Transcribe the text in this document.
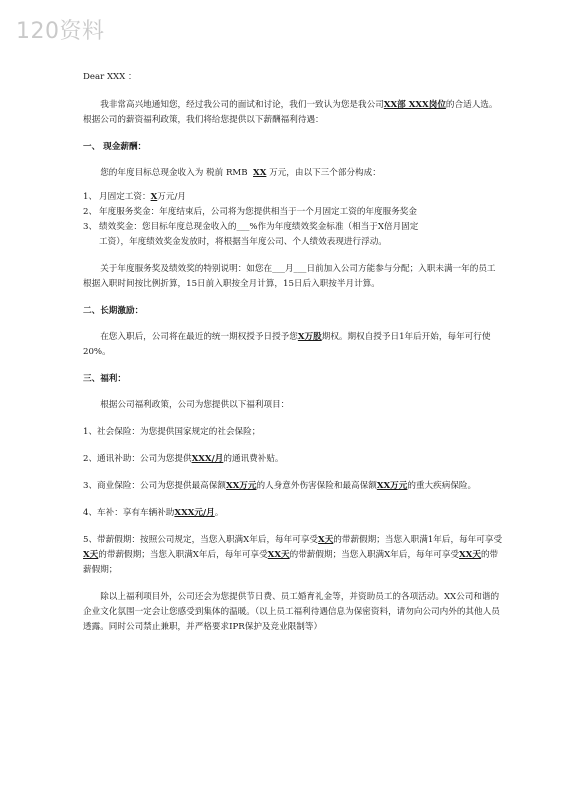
120资料

Dear XXX ：

我非常高兴地通知您，经过我公司的面试和讨论，我们一致认为您是我公司XX部 XXX岗位的合适人选。根据公司的薪资福利政策，我们将给您提供以下薪酬福利待遇：

一、 现金薪酬：

您的年度目标总现金收入为 税前 RMB XX 万元，由以下三个部分构成：

1、 月固定工资：X万元/月
2、 年度服务奖金：年度结束后，公司将为您提供相当于一个月固定工资的年度服务奖金
3、 绩效奖金：您目标年度总现金收入的___%作为年度绩效奖金标准（相当于X倍月固定

工资），年度绩效奖金发放时，将根据当年度公司、个人绩效表现进行浮动。

关于年度服务奖及绩效奖的特别说明：如您在___月___日前加入公司方能参与分配；入职未满一年的员工根据入职时间按比例折算，15日前入职按全月计算，15日后入职按半月计算。

二、长期激励：

在您入职后，公司将在最近的统一期权授予日授予您X万股期权。期权自授予日1年后开始，每年可行使20%。

三、福利：

根据公司福利政策，公司为您提供以下福利项目：

1、社会保险：为您提供国家规定的社会保险；

2、通讯补助：公司为您提供XXX/月的通讯费补贴。

3、商业保险：公司为您提供最高保额XX万元的人身意外伤害保险和最高保额XX万元的重大疾病保险。

4、车补：享有车辆补助XXX元/月。

5、带薪假期：按照公司规定，当您入职满X年后，每年可享受X天的带薪假期；当您入职满1年后，每年可享受X天的带薪假期；当您入职满X年后，每年可享受XX天的带薪假期；当您入职满X年后，每年可享受XX天的带薪假期；

除以上福利项目外，公司还会为您提供节日费、员工婚育礼金等，并资助员工的各项活动。XX公司和谐的企业文化氛围一定会让您感受到集体的温暖。（以上员工福利待遇信息为保密资料，请勿向公司内外的其他人员透露。同时公司禁止兼职，并严格要求IPR保护及竞业限制等）
